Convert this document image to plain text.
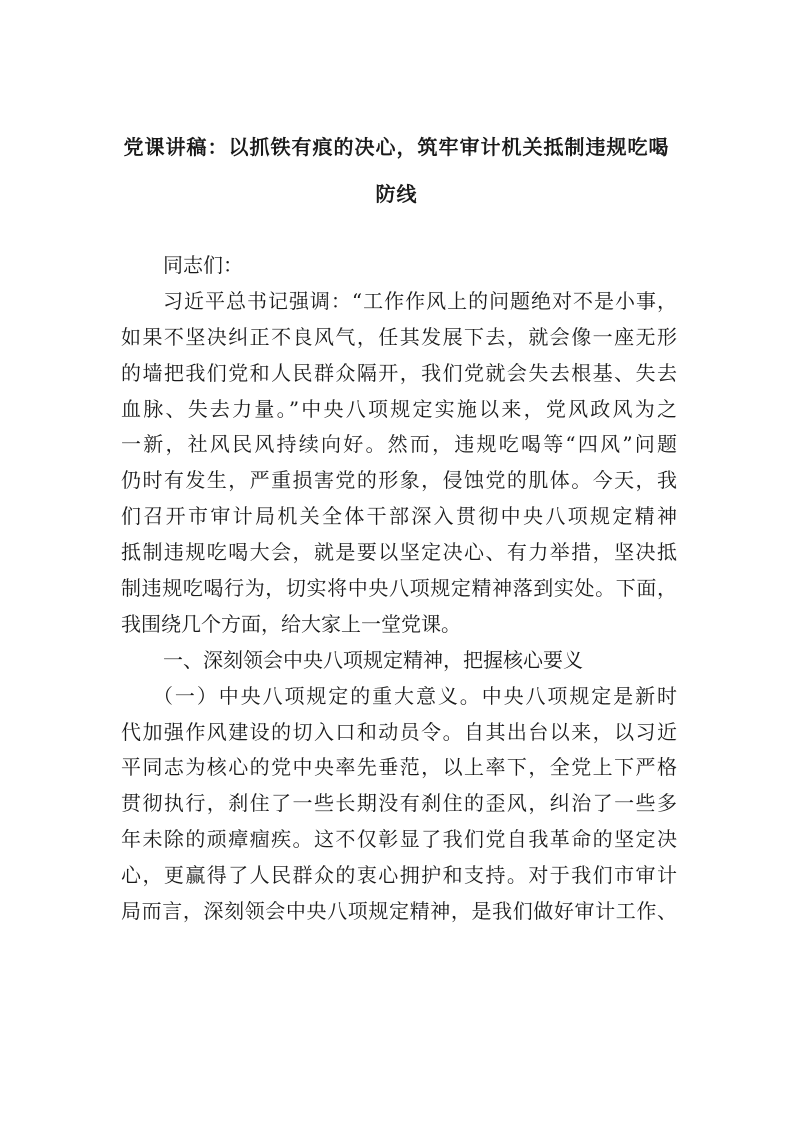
党课讲稿：以抓铁有痕的决心，筑牢审计机关抵制违规吃喝
防线
同志们：
习近平总书记强调：“工作作风上的问题绝对不是小事，
如果不坚决纠正不良风气，任其发展下去，就会像一座无形
的墙把我们党和人民群众隔开，我们党就会失去根基、失去
血脉、失去力量。”中央八项规定实施以来，党风政风为之
一新，社风民风持续向好。然而，违规吃喝等“四风”问题
仍时有发生，严重损害党的形象，侵蚀党的肌体。今天，我
们召开市审计局机关全体干部深入贯彻中央八项规定精神
抵制违规吃喝大会，就是要以坚定决心、有力举措，坚决抵
制违规吃喝行为，切实将中央八项规定精神落到实处。下面，
我围绕几个方面，给大家上一堂党课。
一、深刻领会中央八项规定精神，把握核心要义
（一）中央八项规定的重大意义。中央八项规定是新时
代加强作风建设的切入口和动员令。自其出台以来，以习近
平同志为核心的党中央率先垂范，以上率下，全党上下严格
贯彻执行，刹住了一些长期没有刹住的歪风，纠治了一些多
年未除的顽瘴痼疾。这不仅彰显了我们党自我革命的坚定决
心，更赢得了人民群众的衷心拥护和支持。对于我们市审计
局而言，深刻领会中央八项规定精神，是我们做好审计工作、
